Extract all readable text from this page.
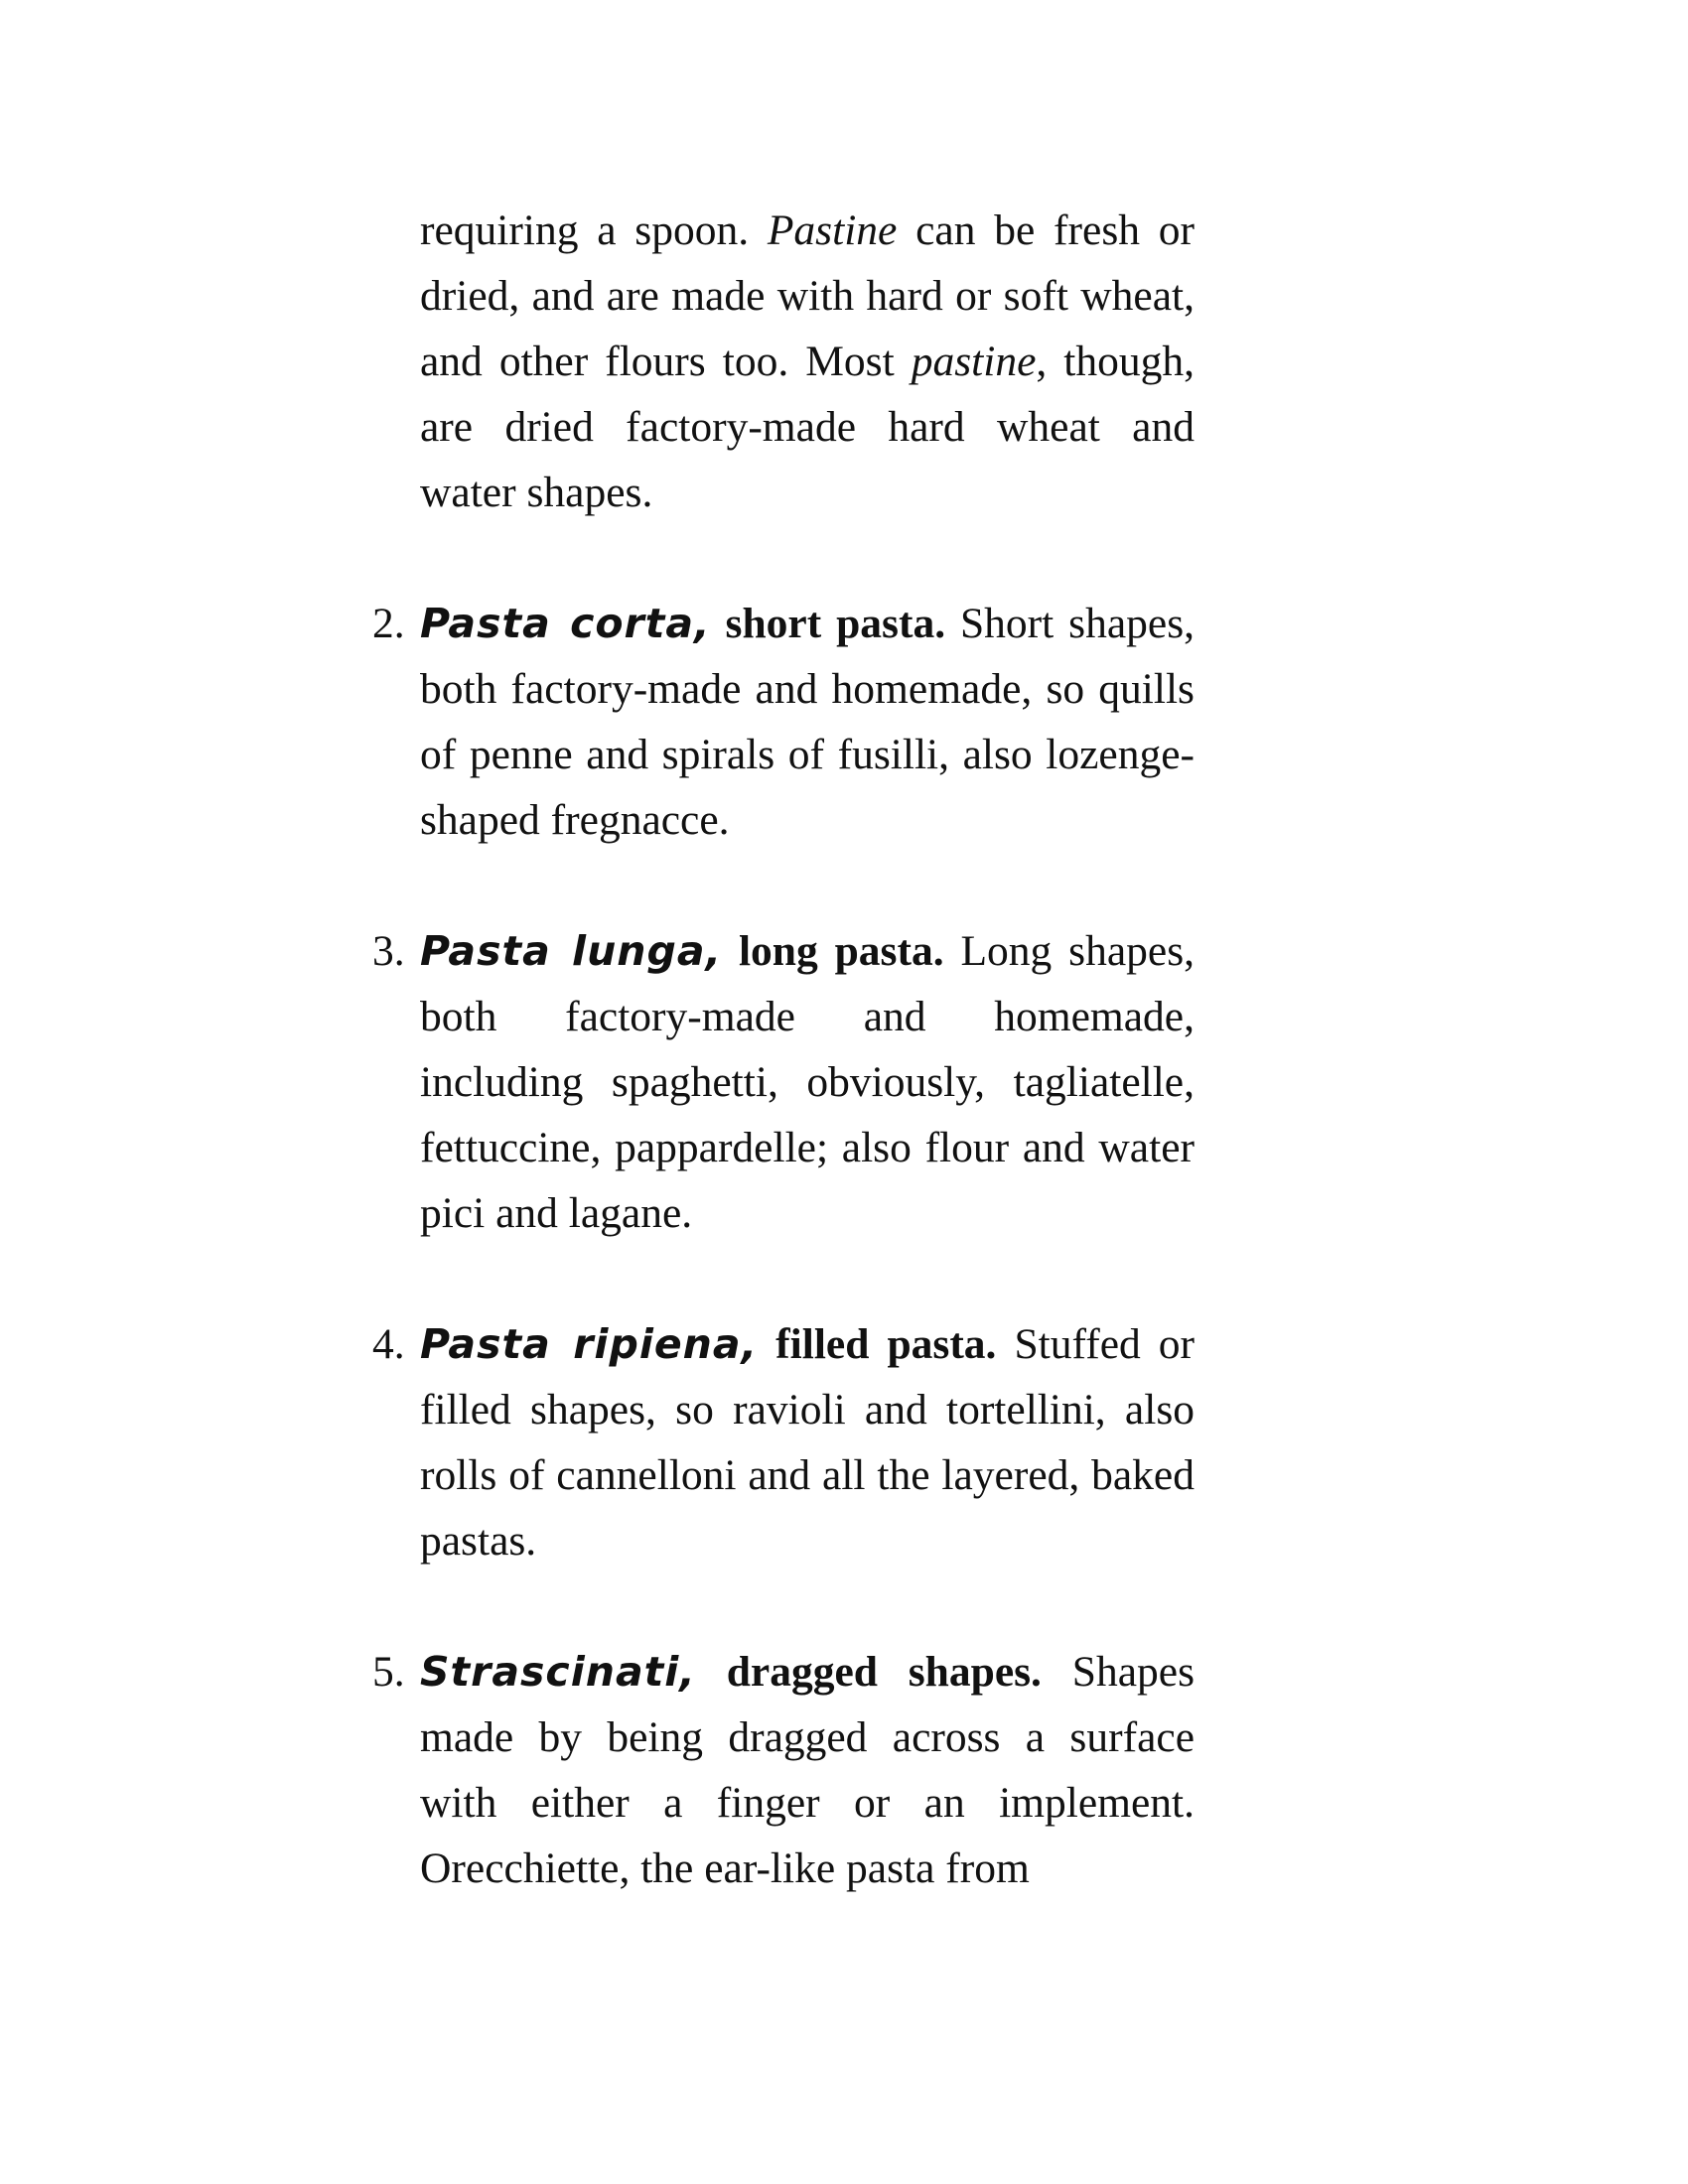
requiring a spoon. Pastine can be fresh or dried, and are made with hard or soft wheat, and other flours too. Most pastine, though, are dried factory-made hard wheat and water shapes.

2. Pasta corta, short pasta. Short shapes, both factory-made and homemade, so quills of penne and spirals of fusilli, also lozenge-shaped fregnacce.

3. Pasta lunga, long pasta. Long shapes, both factory-made and homemade, including spaghetti, obviously, tagliatelle, fettuccine, pappardelle; also flour and water pici and lagane.

4. Pasta ripiena, filled pasta. Stuffed or filled shapes, so ravioli and tortellini, also rolls of cannelloni and all the layered, baked pastas.

5. Strascinati, dragged shapes. Shapes made by being dragged across a surface with either a finger or an implement. Orecchiette, the ear-like pasta from
